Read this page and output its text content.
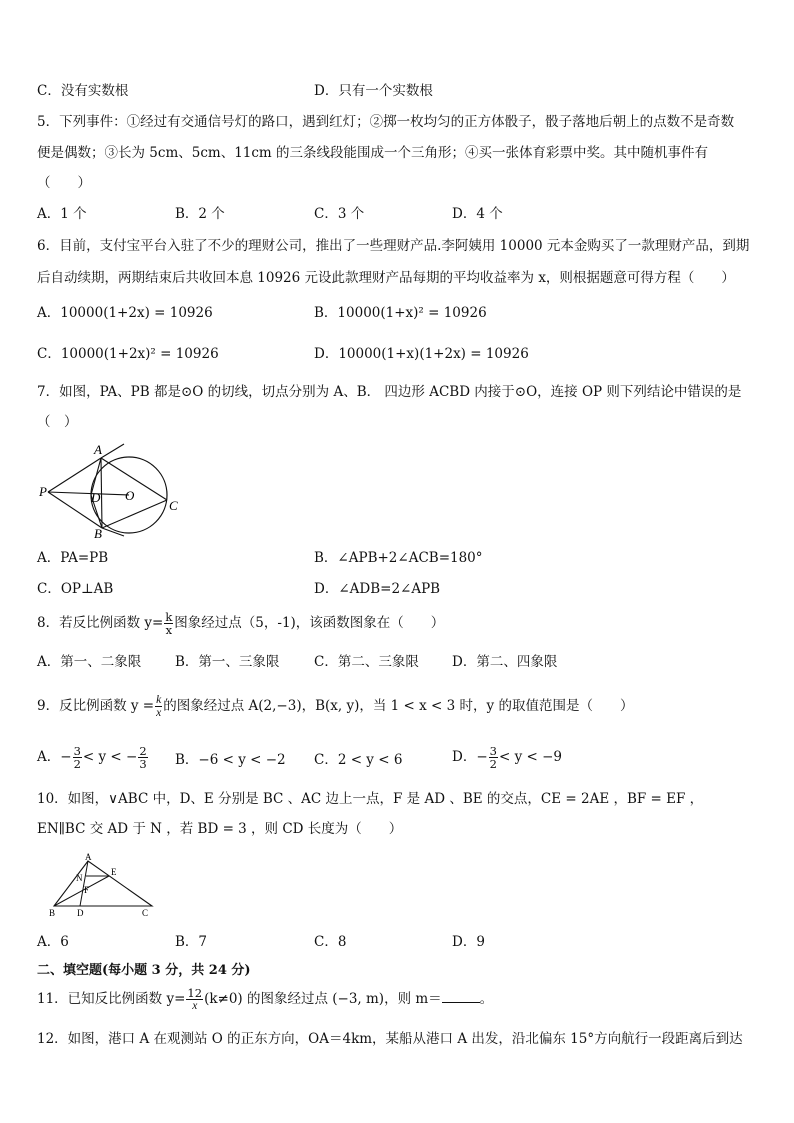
C．没有实数根	D．只有一个实数根
5．下列事件：①经过有交通信号灯的路口，遇到红灯；②掷一枚均匀的正方体骰子，骰子落地后朝上的点数不是奇数
便是偶数；③长为 5cm、5cm、11cm 的三条线段能围成一个三角形；④买一张体育彩票中奖。其中随机事件有
（　　）
A．1 个	B．2 个	C．3 个	D．4 个
6．目前，支付宝平台入驻了不少的理财公司，推出了一些理财产品.李阿姨用 10000 元本金购买了一款理财产品，到期
后自动续期，两期结束后共收回本息 10926 元设此款理财产品每期的平均收益率为 x，则根据题意可得方程（　　）
A．10000(1+2x) = 10926	B．10000(1+x)² = 10926
C．10000(1+2x)² = 10926	D．10000(1+x)(1+2x) = 10926
7．如图，PA、PB 都是⊙O 的切线，切点分别为 A、B． 四边形 ACBD 内接于⊙O，连接 OP 则下列结论中错误的是
（　）
P
A
B
C
D O
A．PA=PB	B．∠APB+2∠ACB=180°
C．OP⊥AB	D．∠ADB=2∠APB
8．若反比例函数 $y= \frac{k}{x}$ 图象经过点（5，-1)，该函数图象在（　　）
A．第一、二象限	B．第一、三象限	C．第二、三象限 D．第二、四象限
9．反比例函数 $y = \frac{k}{x}$ 的图象经过点 A(2,−3)，B(x, y)，当 1 < x < 3 时，y 的取值范围是（　　）
A．− $\frac{3}{2} < y$ < − $\frac{2}{3}$ B．−6 < y < −2 C．2 < y < 6	D．− $\frac{3}{2} < y < -9$
10．如图，∨ABC 中，D、E 分别是 BC 、AC 边上一点，F 是 AD 、BE 的交点，CE = 2AE ，BF = EF ，
EN∥BC 交 AD 于 N ，若 BD = 3 ，则 CD 长度为（　　）
A
B	C
D
E
F
N
A．6	B．7	C．8	D．9
二、填空题(每小题 3 分，共 24 分)
11．已知反比例函数 $y= \frac{12}{x} (k\ne 0)$ 的图象经过点 (−3, m)，则 m＝	。
12．如图，港口 A 在观测站 O 的正东方向，OA＝4km，某船从港口 A 出发，沿北偏东 15°方向航行一段距离后到达
